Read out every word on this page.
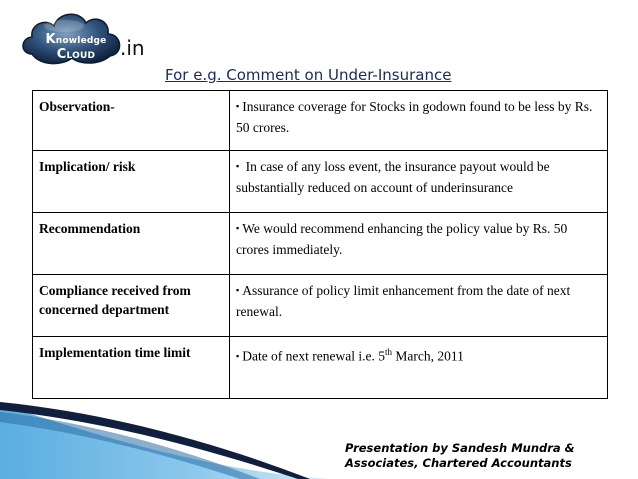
Knowledge CLOUD	.in
For e.g. Comment on Under-Insurance
Observation-	▪ Insurance coverage for Stocks in godown found to be less by Rs. 50 crores.
Implication/ risk	▪ In case of any loss event, the insurance payout would be substantially reduced on account of underinsurance
Recommendation	▪ We would recommend enhancing the policy value by Rs. 50 crores immediately.
Compliance received from concerned department	▪ Assurance of policy limit enhancement from the date of next renewal.
Implementation time limit	▪ Date of next renewal i.e. 5th March, 2011
Presentation by Sandesh Mundra &
Associates, Chartered Accountants
